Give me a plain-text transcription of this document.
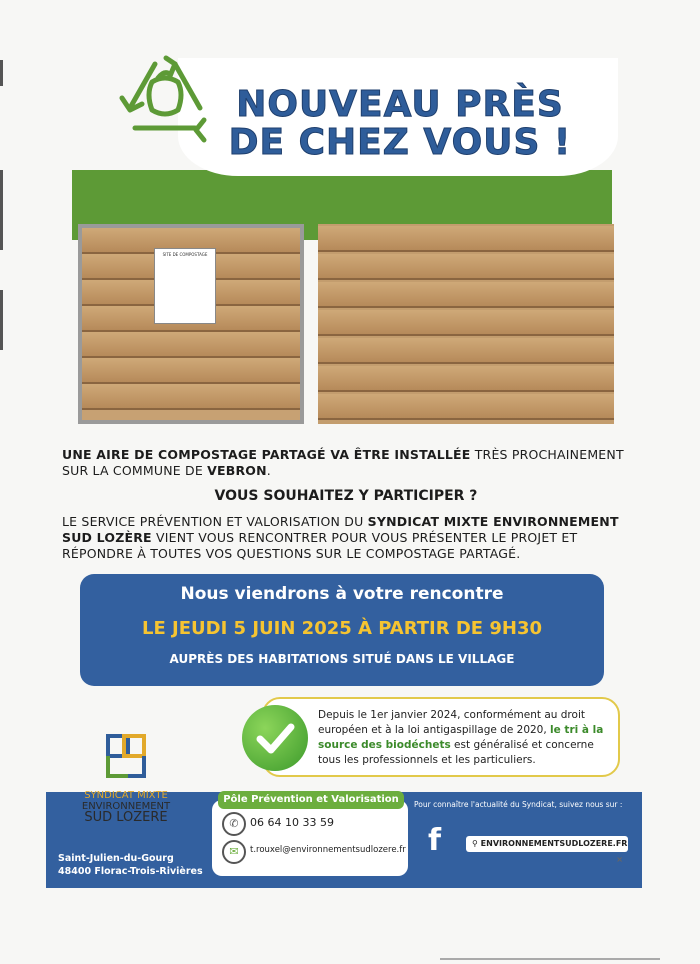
NOUVEAU PRÈS
DE CHEZ VOUS !
SITE DE COMPOSTAGE
UNE AIRE DE COMPOSTAGE PARTAGÉ VA ÊTRE INSTALLÉE TRÈS PROCHAINEMENT SUR LA COMMUNE DE VEBRON.
VOUS SOUHAITEZ Y PARTICIPER ?
LE SERVICE PRÉVENTION ET VALORISATION DU SYNDICAT MIXTE ENVIRONNEMENT SUD LOZÈRE VIENT VOUS RENCONTRER POUR VOUS PRÉSENTER LE PROJET ET RÉPONDRE À TOUTES VOS QUESTIONS SUR LE COMPOSTAGE PARTAGÉ.
Nous viendrons à votre rencontre
LE JEUDI 5 JUIN 2025 À PARTIR DE 9H30
AUPRÈS DES HABITATIONS SITUÉ DANS LE VILLAGE
Depuis le 1er janvier 2024, conformément au droit européen et à la loi antigaspillage de 2020, le tri à la source des biodéchets est généralisé et concerne tous les professionnels et les particuliers.
SYNDICAT MIXTE
ENVIRONNEMENT
SUD LOZERE
Saint-Julien-du-Gourg
48400 Florac-Trois-Rivières
Pôle Prévention et Valorisation
✆	06 64 10 33 59
✉	t.rouxel@environnementsudlozere.fr
Pour connaître l'actualité du Syndicat, suivez nous sur :
f	⚲ ENVIRONNEMENTSUDLOZERE.FR
×
